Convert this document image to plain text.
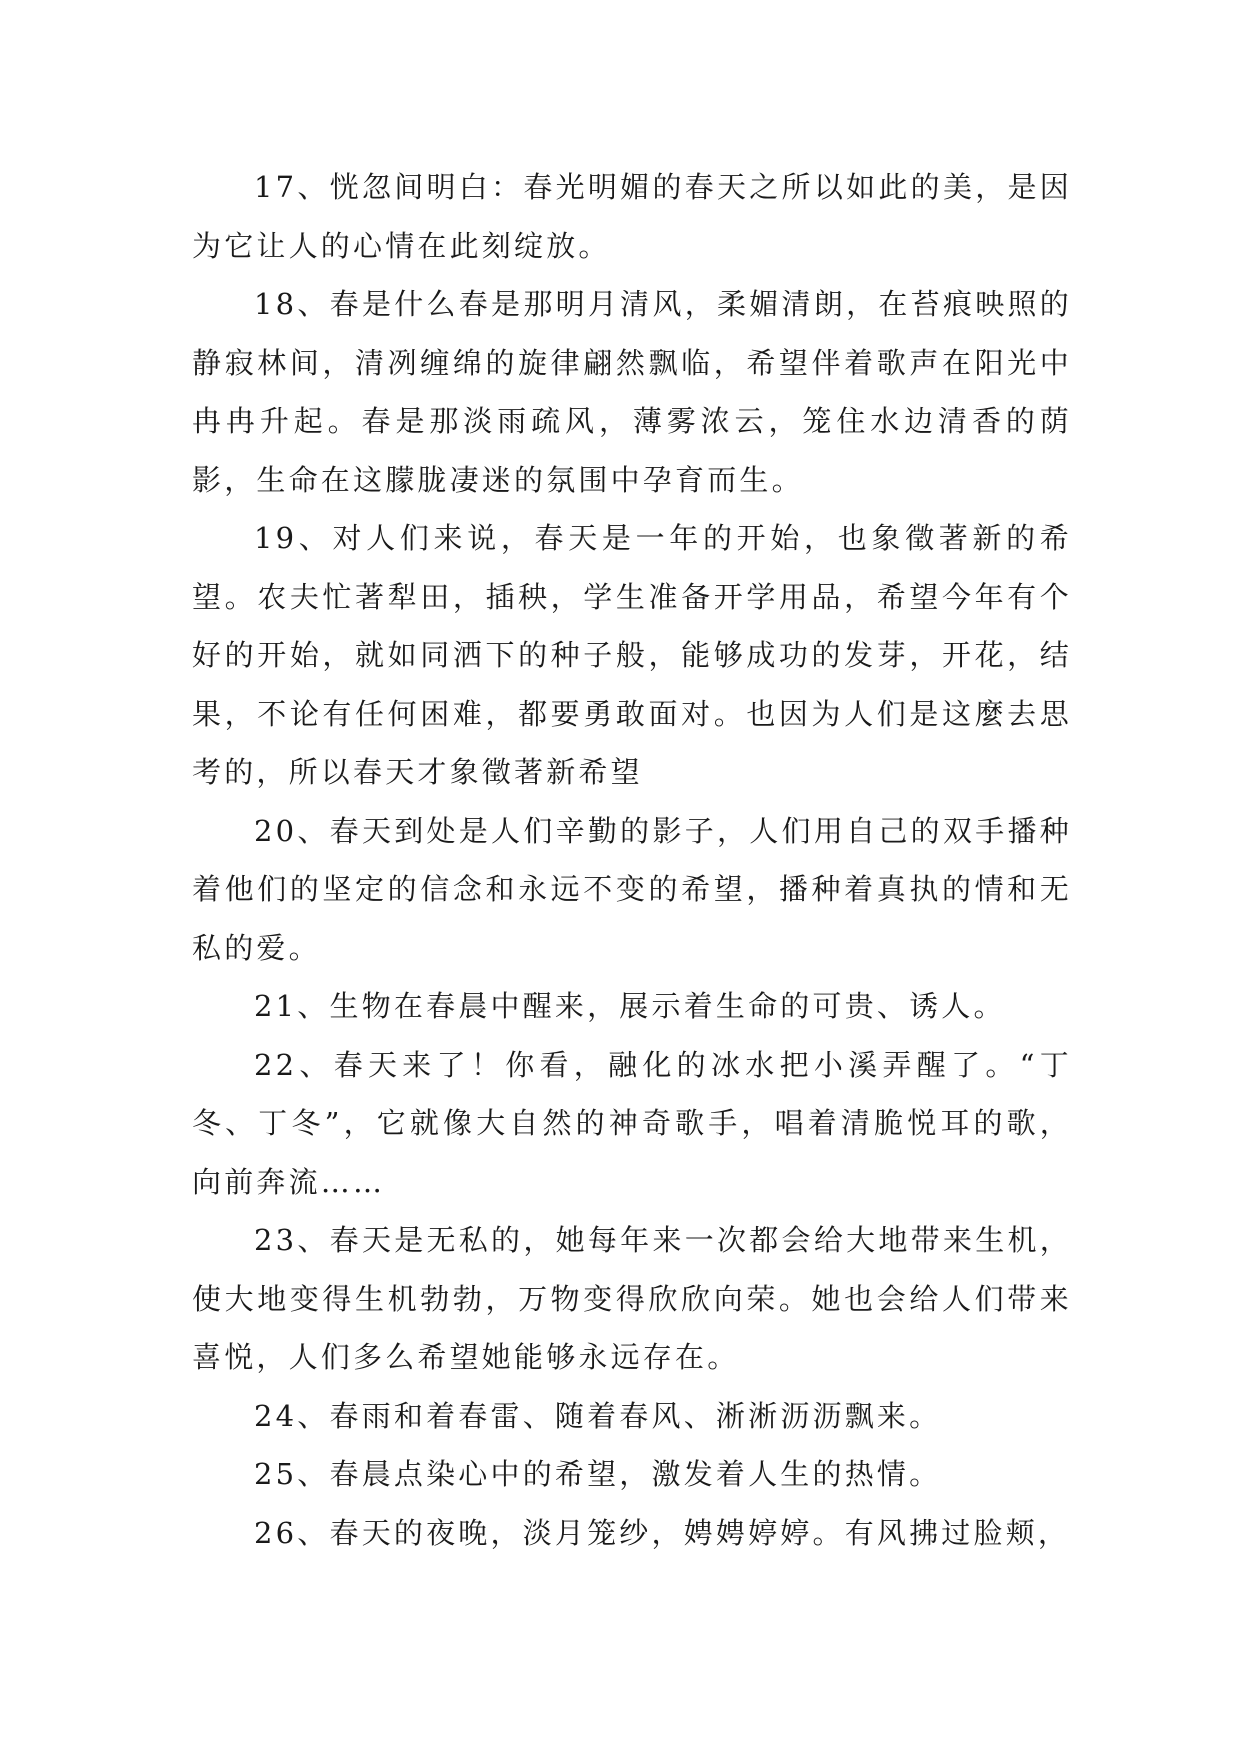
17、恍忽间明白：春光明媚的春天之所以如此的美，是因为它让人的心情在此刻绽放。

18、春是什么春是那明月清风，柔媚清朗，在苔痕映照的静寂林间，清冽缠绵的旋律翩然飘临，希望伴着歌声在阳光中冉冉升起。春是那淡雨疏风，薄雾浓云，笼住水边清香的荫影，生命在这朦胧凄迷的氛围中孕育而生。

19、对人们来说，春天是一年的开始，也象徵著新的希望。农夫忙著犁田，插秧，学生准备开学用品，希望今年有个好的开始，就如同洒下的种子般，能够成功的发芽，开花，结果，不论有任何困难，都要勇敢面对。也因为人们是这麼去思考的，所以春天才象徵著新希望

20、春天到处是人们辛勤的影子，人们用自己的双手播种着他们的坚定的信念和永远不变的希望，播种着真执的情和无私的爱。

21、生物在春晨中醒来，展示着生命的可贵、诱人。

22、春天来了！你看，融化的冰水把小溪弄醒了。“丁冬、丁冬”，它就像大自然的神奇歌手，唱着清脆悦耳的歌，向前奔流……

23、春天是无私的，她每年来一次都会给大地带来生机，使大地变得生机勃勃，万物变得欣欣向荣。她也会给人们带来喜悦，人们多么希望她能够永远存在。

24、春雨和着春雷、随着春风、淅淅沥沥飘来。

25、春晨点染心中的希望，激发着人生的热情。

26、春天的夜晚，淡月笼纱，娉娉婷婷。有风拂过脸颊，
